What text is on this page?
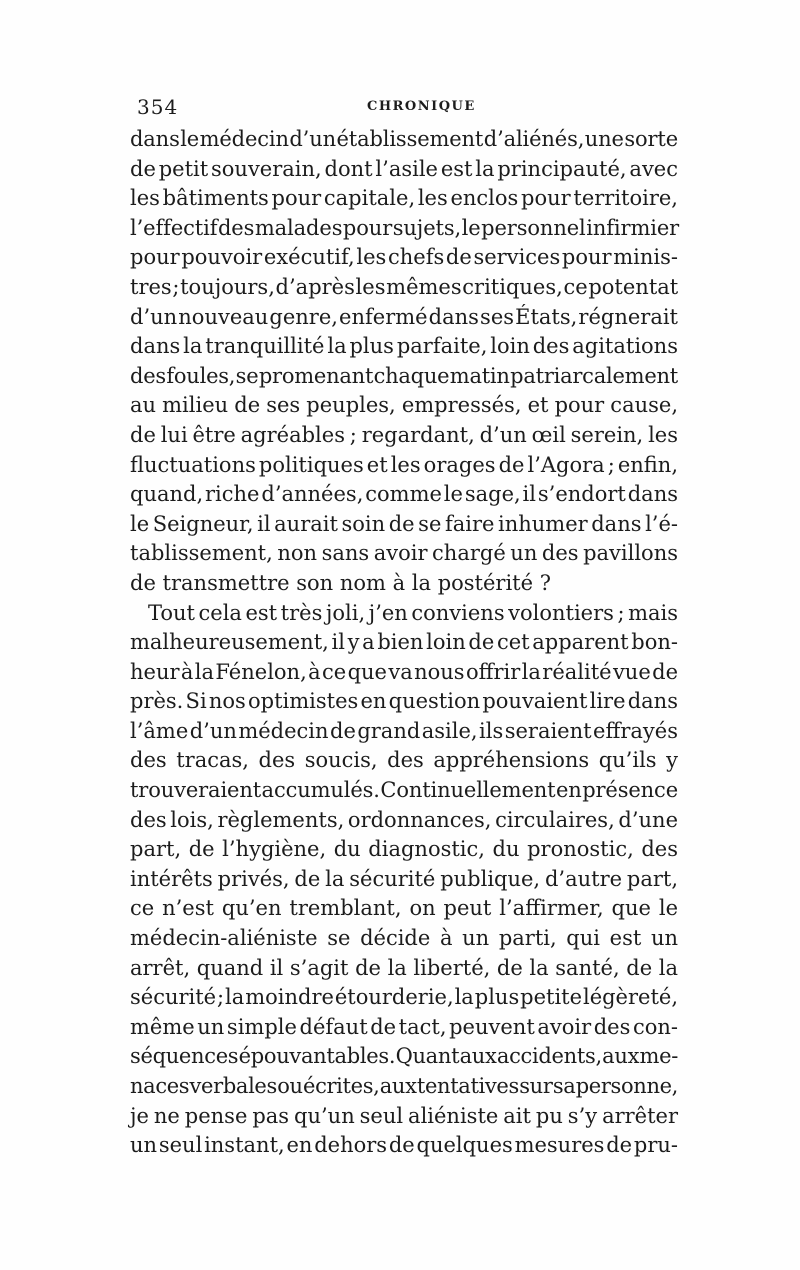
354	CHRONIQUE
dans le médecin d’un établissement d’aliénés, une sorte
de petit souverain, dont l’asile est la principauté, avec
les bâtiments pour capitale, les enclos pour territoire,
l’effectif des malades pour sujets, le personnel infirmier
pour pouvoir exécutif, les chefs de services pour minis-
tres ; toujours, d’après les mêmes critiques, ce potentat
d’un nouveau genre, enfermé dans ses États, régnerait
dans la tranquillité la plus parfaite, loin des agitations
des foules, se promenant chaque matin patriarcalement
au milieu de ses peuples, empressés, et pour cause,
de lui être agréables ; regardant, d’un œil serein, les
fluctuations politiques et les orages de l’Agora ; enfin,
quand, riche d’années, comme le sage, il s’endort dans
le Seigneur, il aurait soin de se faire inhumer dans l’é-
tablissement, non sans avoir chargé un des pavillons
de transmettre son nom à la postérité ?
Tout cela est très joli, j’en conviens volontiers ; mais
malheureusement, il y a bien loin de cet apparent bon-
heur à la Fénelon, à ce que va nous offrir la réalité vue de
près. Si nos optimistes en question pouvaient lire dans
l’âme d’un médecin de grand asile, ils seraient effrayés
des tracas, des soucis, des appréhensions qu’ils y
trouveraient accumulés. Continuellement en présence
des lois, règlements, ordonnances, circulaires, d’une
part, de l’hygiène, du diagnostic, du pronostic, des
intérêts privés, de la sécurité publique, d’autre part,
ce n’est qu’en tremblant, on peut l’affirmer, que le
médecin-aliéniste se décide à un parti, qui est un
arrêt, quand il s’agit de la liberté, de la santé, de la
sécurité ; la moindre étourderie, la plus petite légèreté,
même un simple défaut de tact, peuvent avoir des con-
séquences épouvantables. Quant aux accidents, aux me-
naces verbales ou écrites, aux tentatives sur sa personne,
je ne pense pas qu’un seul aliéniste ait pu s’y arrêter
un seul instant, en dehors de quelques mesures de pru-
